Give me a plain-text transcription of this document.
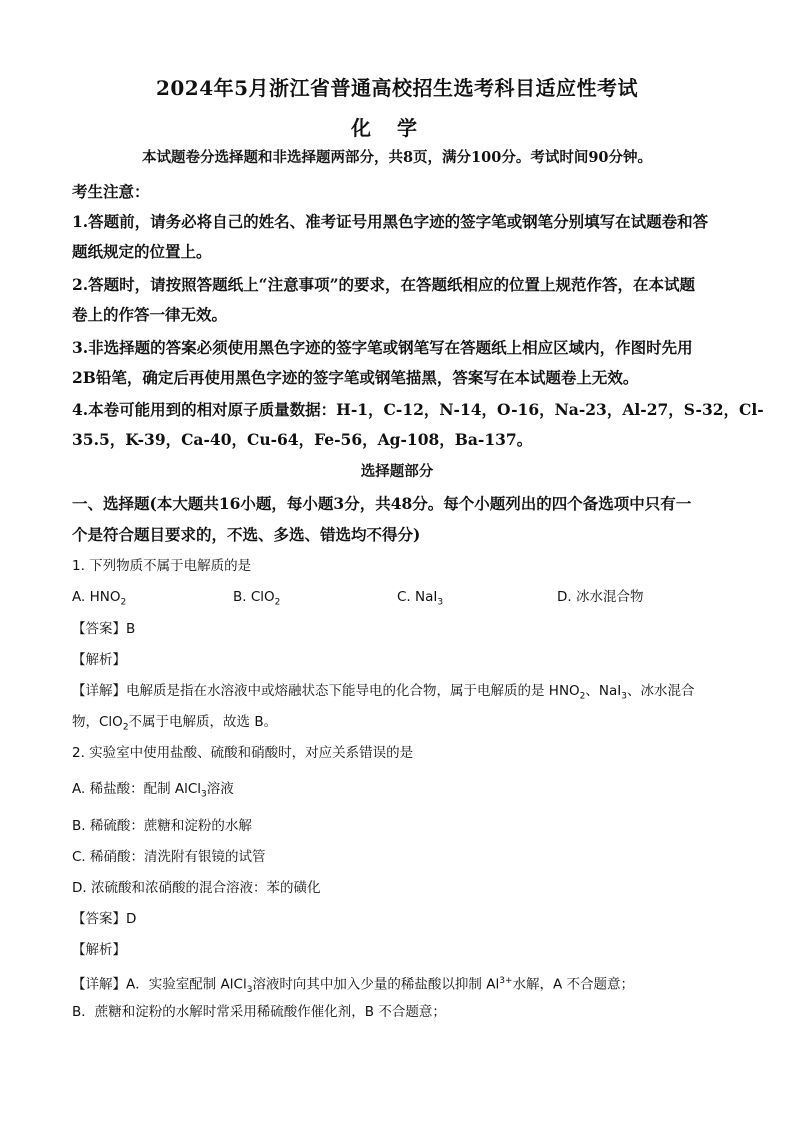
2024年5月浙江省普通高校招生选考科目适应性考试
化学
本试题卷分选择题和非选择题两部分，共8页，满分100分。考试时间90分钟。
考生注意：
1.答题前，请务必将自己的姓名、准考证号用黑色字迹的签字笔或钢笔分别填写在试题卷和答
题纸规定的位置上。
2.答题时，请按照答题纸上“注意事项”的要求，在答题纸相应的位置上规范作答，在本试题
卷上的作答一律无效。
3.非选择题的答案必须使用黑色字迹的签字笔或钢笔写在答题纸上相应区域内，作图时先用
2B铅笔，确定后再使用黑色字迹的签字笔或钢笔描黑，答案写在本试题卷上无效。
4.本卷可能用到的相对原子质量数据：H-1，C-12，N-14，O-16，Na-23，Al-27，S-32，Cl-
35.5，K-39，Ca-40，Cu-64，Fe-56，Ag-108，Ba-137。
选择题部分
一、选择题(本大题共16小题，每小题3分，共48分。每个小题列出的四个备选项中只有一
个是符合题目要求的，不选、多选、错选均不得分)
1. 下列物质不属于电解质的是
A. $HNO_2$	B. ClO$_2$	C. NaI$_3$	D. 冰水混合物
【答案】B
【解析】
【详解】电解质是指在水溶液中或熔融状态下能导电的化合物，属于电解质的是 $HNO_2$、NaI$_3$、冰水混合
物，ClO$_2$不属于电解质，故选 B。
2. 实验室中使用盐酸、硫酸和硝酸时，对应关系错误的是
A. 稀盐酸：配制 AlCl$_3$溶液
B. 稀硫酸：蔗糖和淀粉的水解
C. 稀硝酸：清洗附有银镜的试管
D. 浓硫酸和浓硝酸的混合溶液：苯的磺化
【答案】D
【解析】
【详解】A．实验室配制 AlCl$_3$溶液时向其中加入少量的稀盐酸以抑制 $Al^{3+}$水解，A 不合题意；
B．蔗糖和淀粉的水解时常采用稀硫酸作催化剂，B 不合题意；
